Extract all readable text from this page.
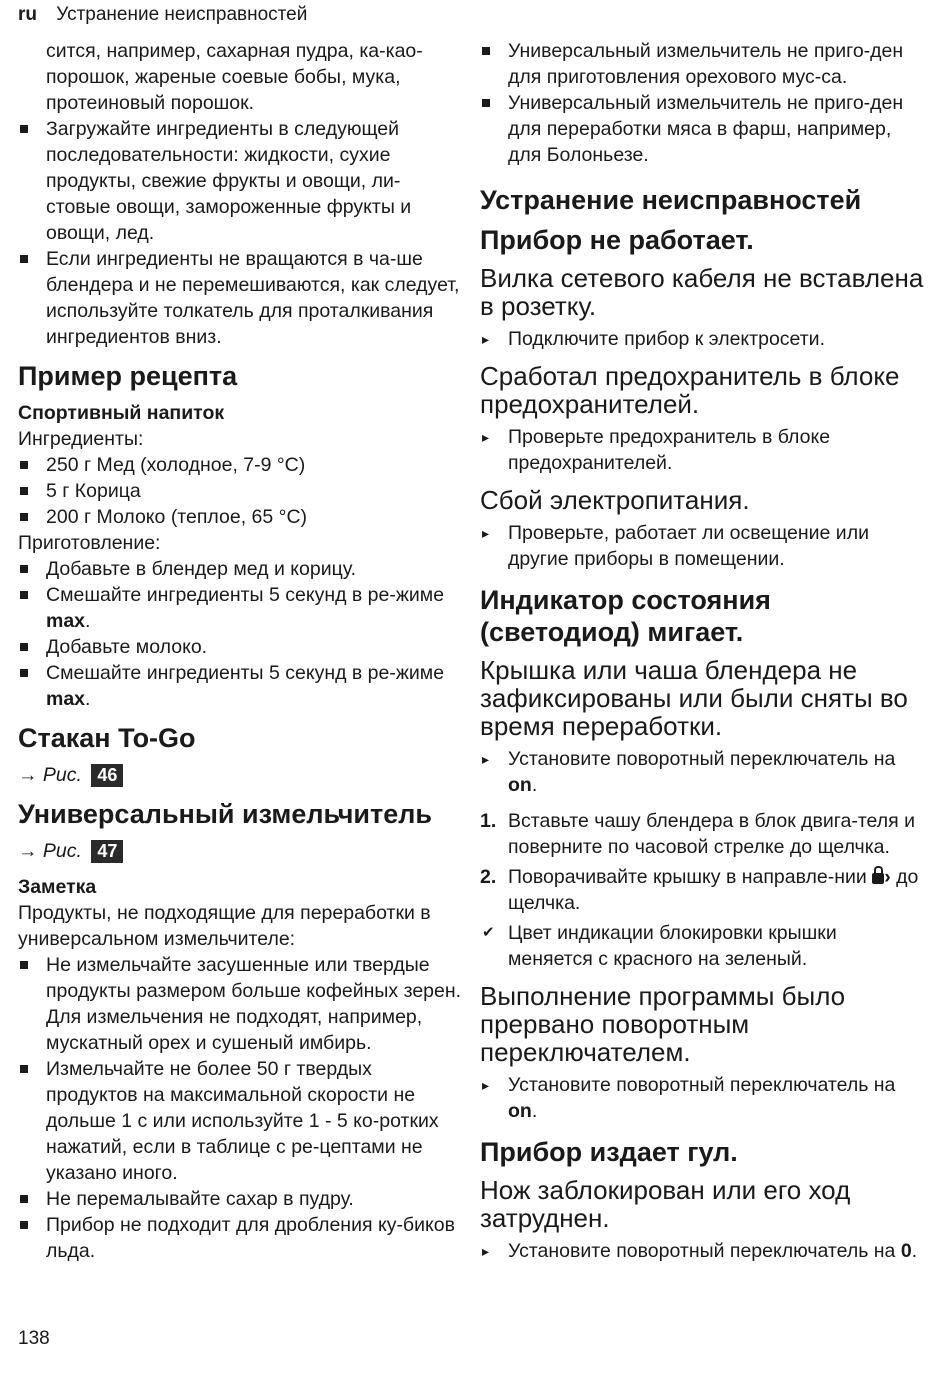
ru Устранение неисправностей
сится, например, сахарная пудра, ка-као-порошок, жареные соевые бобы, мука, протеиновый порошок.
Загружайте ингредиенты в следующей последовательности: жидкости, сухие продукты, свежие фрукты и овощи, ли-стовые овощи, замороженные фрукты и овощи, лед.
Если ингредиенты не вращаются в ча-ше блендера и не перемешиваются, как следует, используйте толкатель для проталкивания ингредиентов вниз.
Пример рецепта
Спортивный напиток
Ингредиенты:
250 г Мед (холодное, 7-9 °C)
5 г Корица
200 г Молоко (теплое, 65 °C)
Приготовление:
Добавьте в блендер мед и корицу.
Смешайте ингредиенты 5 секунд в ре-жиме max.
Добавьте молоко.
Смешайте ингредиенты 5 секунд в ре-жиме max.
Стакан To-Go
→ Рис. 46
Универсальный измельчитель
→ Рис. 47
Заметка
Продукты, не подходящие для переработки в универсальном измельчителе:
Не измельчайте засушенные или твердые продукты размером больше кофейных зерен. Для измельчения не подходят, например, мускатный орех и сушеный имбирь.
Измельчайте не более 50 г твердых продуктов на максимальной скорости не дольше 1 с или используйте 1 - 5 ко-ротких нажатий, если в таблице с ре-цептами не указано иного.
Не перемалывайте сахар в пудру.
Прибор не подходит для дробления ку-биков льда.
Универсальный измельчитель не приго-ден для приготовления орехового мус-са.
Универсальный измельчитель не приго-ден для переработки мяса в фарш, например, для Болоньезе.
Устранение неисправностей
Прибор не работает.
Вилка сетевого кабеля не вставлена в розетку.
▸ Подключите прибор к электросети.
Сработал предохранитель в блоке предохранителей.
▸ Проверьте предохранитель в блоке предохранителей.
Сбой электропитания.
▸ Проверьте, работает ли освещение или другие приборы в помещении.
Индикатор состояния (светодиод) мигает.
Крышка или чаша блендера не зафиксированы или были сняты во время переработки.
▸ Установите поворотный переключатель на on.
1. Вставьте чашу блендера в блок двига-теля и поверните по часовой стрелке до щелчка.
2. Поворачивайте крышку в направле-нии › до щелчка.
✔ Цвет индикации блокировки крышки меняется с красного на зеленый.
Выполнение программы было прервано поворотным переключателем.
▸ Установите поворотный переключатель на on.
Прибор издает гул.
Нож заблокирован или его ход затруднен.
▸ Установите поворотный переключатель на 0.
138
